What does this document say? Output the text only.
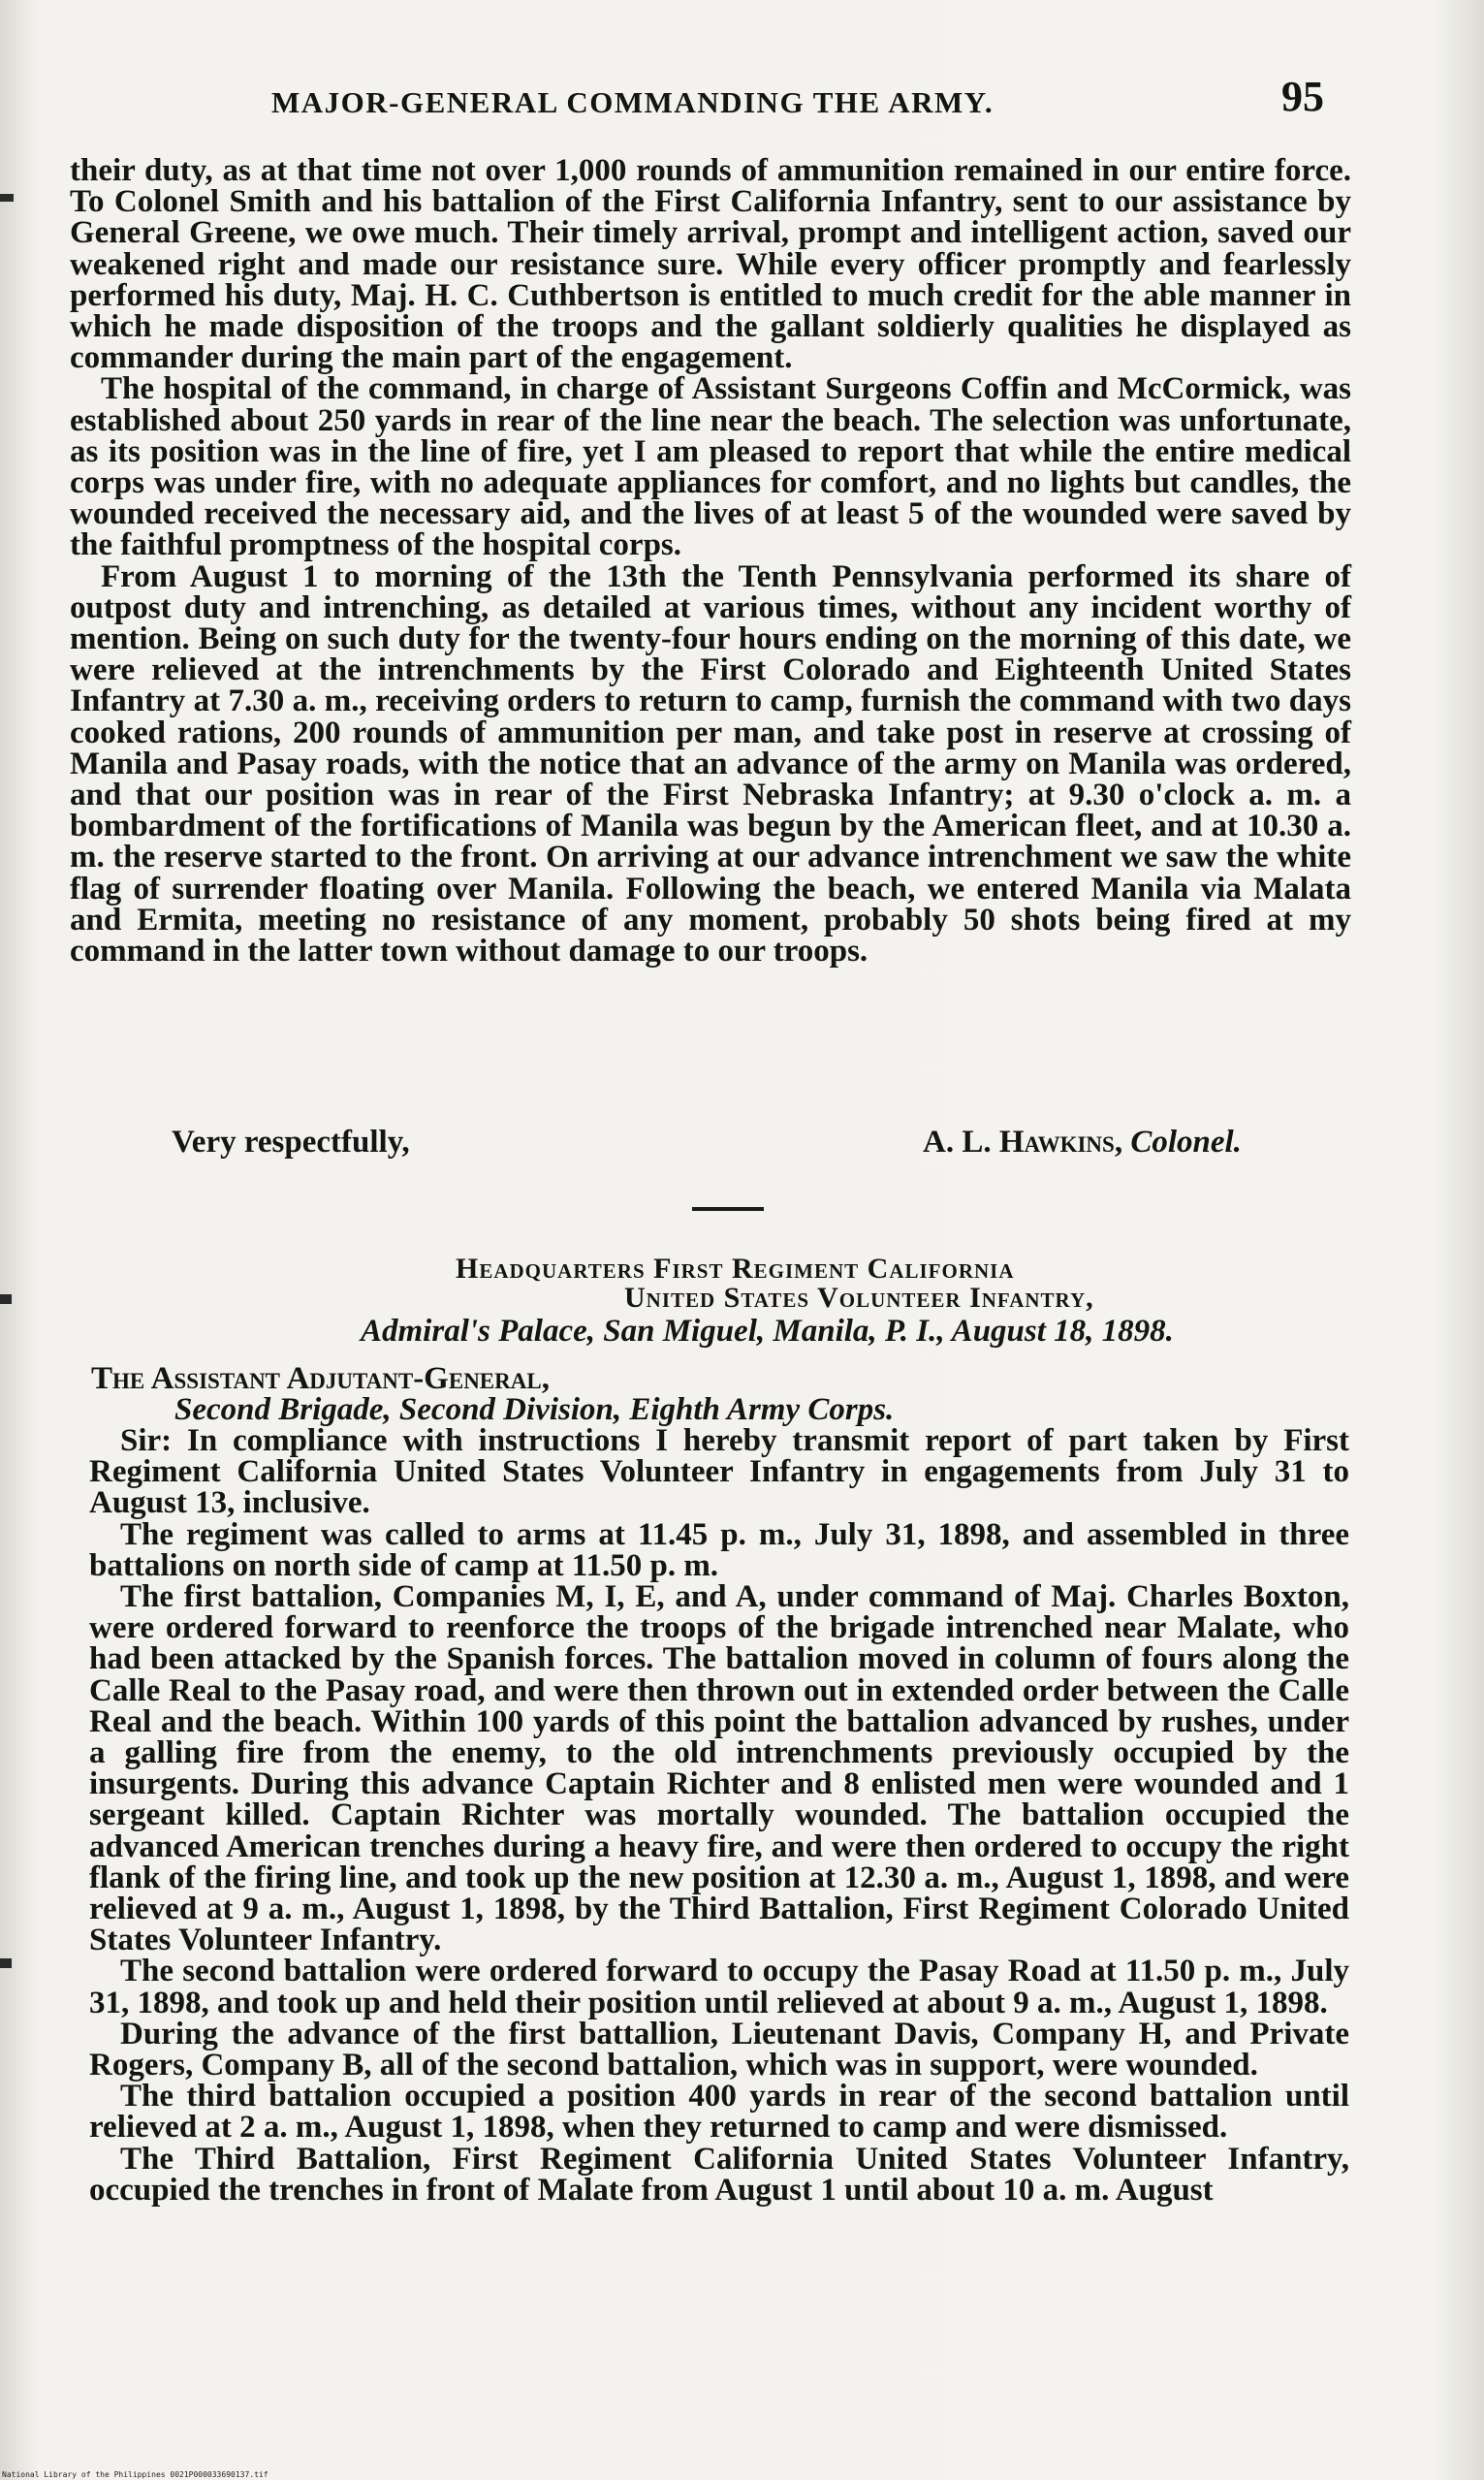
MAJOR-GENERAL COMMANDING THE ARMY.	95

their duty, as at that time not over 1,000 rounds of ammunition remained in our entire force. To Colonel Smith and his battalion of the First California Infantry, sent to our assistance by General Greene, we owe much. Their timely arrival, prompt and intelligent action, saved our weakened right and made our resistance sure. While every officer promptly and fearlessly performed his duty, Maj. H. C. Cuthbertson is entitled to much credit for the able manner in which he made disposition of the troops and the gallant soldierly qualities he displayed as commander during the main part of the engagement.

The hospital of the command, in charge of Assistant Surgeons Coffin and McCormick, was established about 250 yards in rear of the line near the beach. The selection was unfortunate, as its position was in the line of fire, yet I am pleased to report that while the entire medical corps was under fire, with no adequate appliances for comfort, and no lights but candles, the wounded received the necessary aid, and the lives of at least 5 of the wounded were saved by the faithful promptness of the hospital corps.

From August 1 to morning of the 13th the Tenth Pennsylvania performed its share of outpost duty and intrenching, as detailed at various times, without any incident worthy of mention. Being on such duty for the twenty-four hours ending on the morning of this date, we were relieved at the intrenchments by the First Colorado and Eighteenth United States Infantry at 7.30 a. m., receiving orders to return to camp, furnish the command with two days cooked rations, 200 rounds of ammunition per man, and take post in reserve at crossing of Manila and Pasay roads, with the notice that an advance of the army on Manila was ordered, and that our position was in rear of the First Nebraska Infantry; at 9.30 o'clock a. m. a bombardment of the fortifications of Manila was begun by the American fleet, and at 10.30 a. m. the reserve started to the front. On arriving at our advance intrenchment we saw the white flag of surrender floating over Manila. Following the beach, we entered Manila via Malata and Ermita, meeting no resistance of any moment, probably 50 shots being fired at my command in the latter town without damage to our troops.

Very respectfully,	A. L. Hawkins, Colonel.
Headquarters First Regiment California
United States Volunteer Infantry,
Admiral's Palace, San Miguel, Manila, P. I., August 18, 1898.
The Assistant Adjutant-General,
Second Brigade, Second Division, Eighth Army Corps.

Sir: In compliance with instructions I hereby transmit report of part taken by First Regiment California United States Volunteer Infantry in engagements from July 31 to August 13, inclusive.

The regiment was called to arms at 11.45 p. m., July 31, 1898, and assembled in three battalions on north side of camp at 11.50 p. m.

The first battalion, Companies M, I, E, and A, under command of Maj. Charles Boxton, were ordered forward to reenforce the troops of the brigade intrenched near Malate, who had been attacked by the Spanish forces. The battalion moved in column of fours along the Calle Real to the Pasay road, and were then thrown out in extended order between the Calle Real and the beach. Within 100 yards of this point the battalion advanced by rushes, under a galling fire from the enemy, to the old intrenchments previously occupied by the insurgents. During this advance Captain Richter and 8 enlisted men were wounded and 1 sergeant killed. Captain Richter was mortally wounded. The battalion occupied the advanced American trenches during a heavy fire, and were then ordered to occupy the right flank of the firing line, and took up the new position at 12.30 a. m., August 1, 1898, and were relieved at 9 a. m., August 1, 1898, by the Third Battalion, First Regiment Colorado United States Volunteer Infantry.

The second battalion were ordered forward to occupy the Pasay Road at 11.50 p. m., July 31, 1898, and took up and held their position until relieved at about 9 a. m., August 1, 1898.

During the advance of the first battallion, Lieutenant Davis, Company H, and Private Rogers, Company B, all of the second battalion, which was in support, were wounded.

The third battalion occupied a position 400 yards in rear of the second battalion until relieved at 2 a. m., August 1, 1898, when they returned to camp and were dismissed.

The Third Battalion, First Regiment California United States Volunteer Infantry, occupied the trenches in front of Malate from August 1 until about 10 a. m. August

National Library of the Philippines 0021P000033690137.tif
